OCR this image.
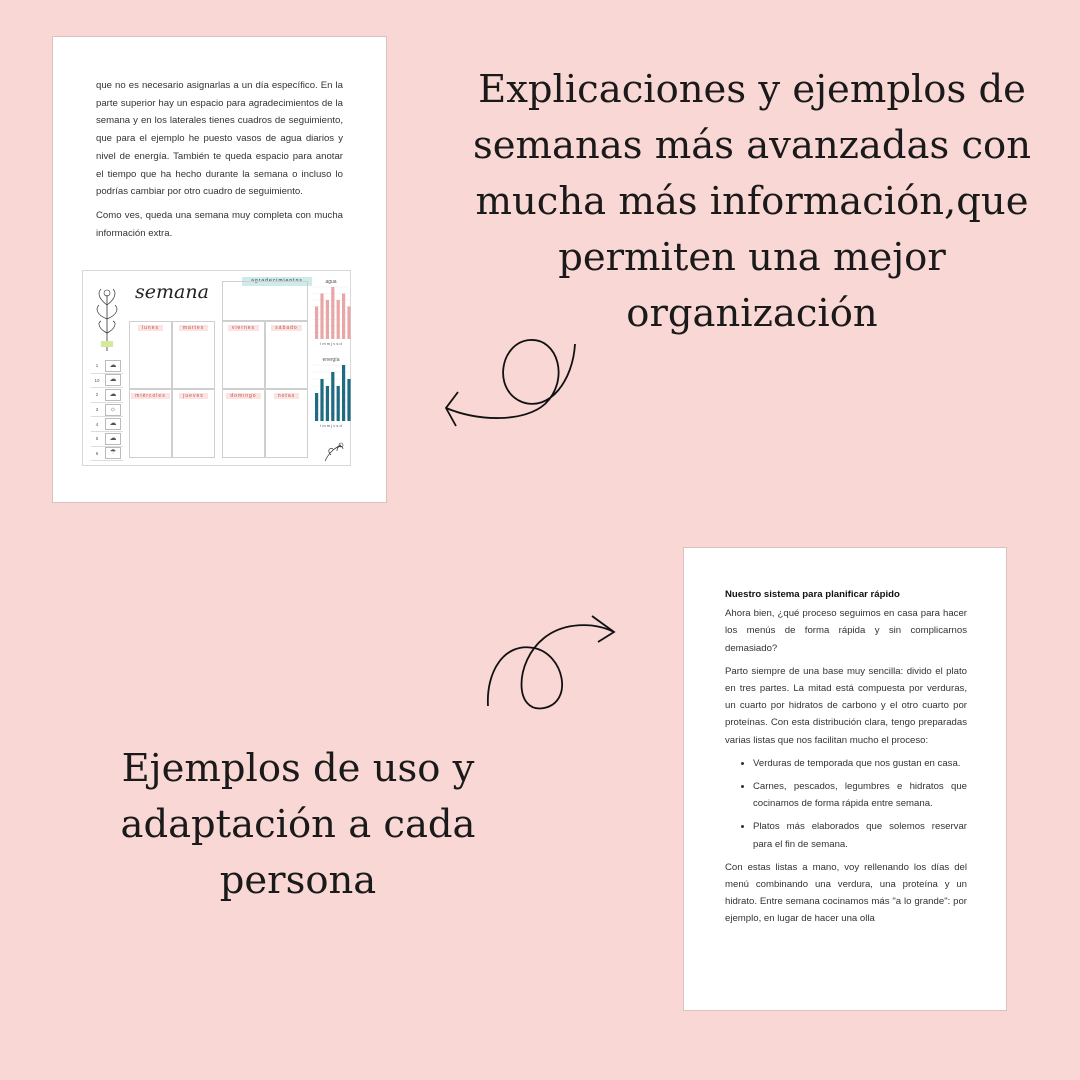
que no es necesario asignarlas a un día específico. En la parte superior hay un espacio para agradecimientos de la semana y en los laterales tienes cuadros de seguimiento, que para el ejemplo he puesto vasos de agua diarios y nivel de energía. También te queda espacio para anotar el tiempo que ha hecho durante la semana o incluso lo podrías cambiar por otro cuadro de seguimiento.

Como ves, queda una semana muy completa con mucha información extra.

semana	agradecimientos
lunes	martes	viernes	sábado
miércoles	jueves	domingo	notas
1	☁
10	☁
2	☁
3	☼
4	☁
5	☁
6	☂
agua
l m m j v s d
energía
l m m j v s d
Explicaciones y ejemplos de
semanas más avanzadas con
mucha más información,que
permiten una mejor
organización
Nuestro sistema para planificar rápido

Ahora bien, ¿qué proceso seguimos en casa para hacer los menús de forma rápida y sin complicarnos demasiado?

Parto siempre de una base muy sencilla: divido el plato en tres partes. La mitad está compuesta por verduras, un cuarto por hidratos de carbono y el otro cuarto por proteínas. Con esta distribución clara, tengo preparadas varias listas que nos facilitan mucho el proceso:

• Verduras de temporada que nos gustan en casa.
• Carnes, pescados, legumbres e hidratos que cocinamos de forma rápida entre semana.
• Platos más elaborados que solemos reservar para el fin de semana.

Con estas listas a mano, voy rellenando los días del menú combinando una verdura, una proteína y un hidrato. Entre semana cocinamos más "a lo grande": por ejemplo, en lugar de hacer una olla

Ejemplos de uso y
adaptación a cada
persona
